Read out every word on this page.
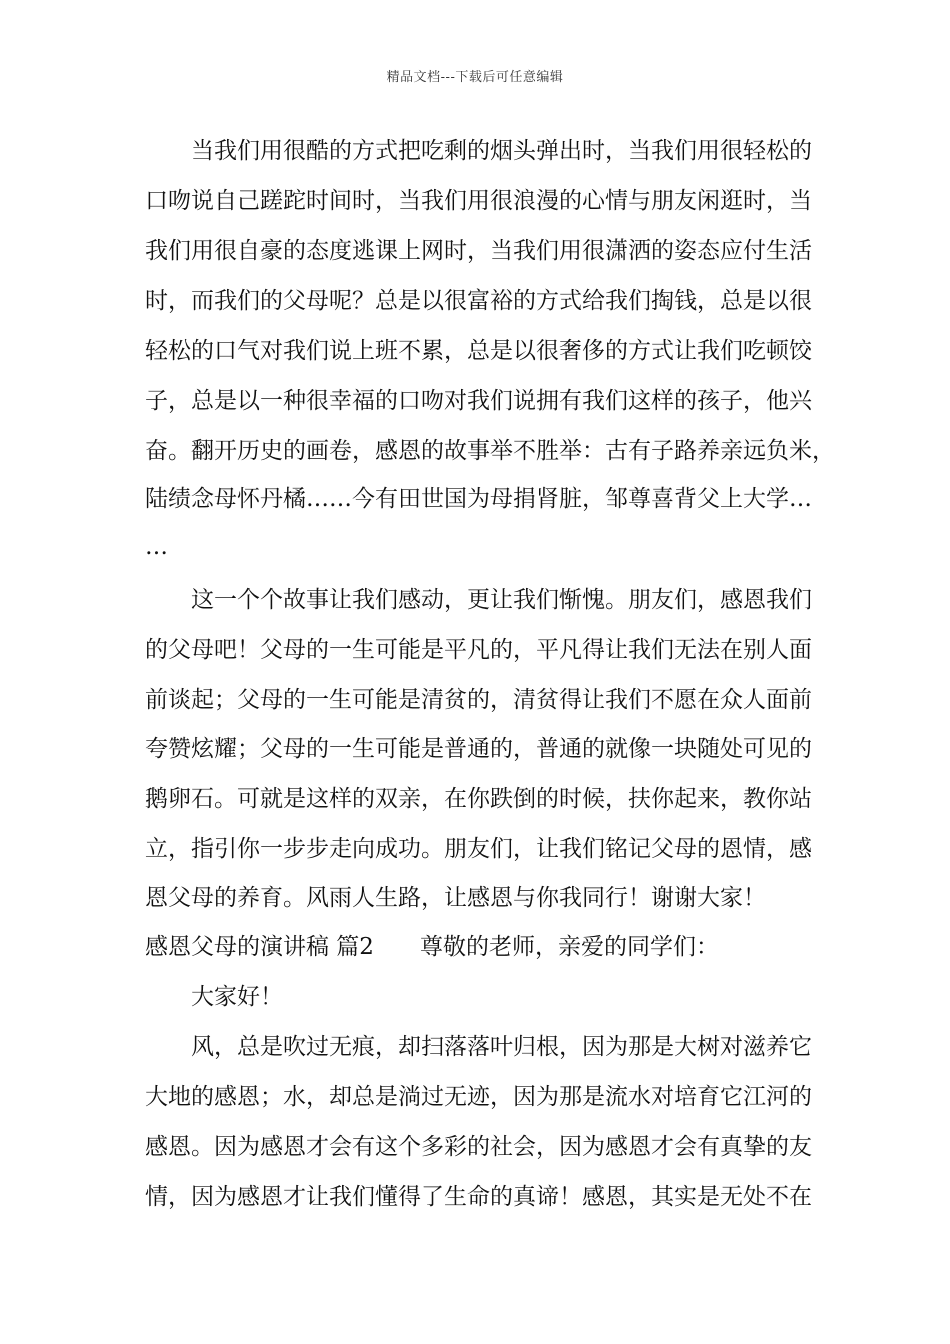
精品文档---下载后可任意编辑
　　当我们用很酷的方式把吃剩的烟头弹出时，当我们用很轻松的
口吻说自己蹉跎时间时，当我们用很浪漫的心情与朋友闲逛时，当
我们用很自豪的态度逃课上网时，当我们用很潇洒的姿态应付生活
时，而我们的父母呢？总是以很富裕的方式给我们掏钱，总是以很
轻松的口气对我们说上班不累，总是以很奢侈的方式让我们吃顿饺
子，总是以一种很幸福的口吻对我们说拥有我们这样的孩子，他兴
奋。翻开历史的画卷，感恩的故事举不胜举：古有子路养亲远负米，
陆绩念母怀丹橘……今有田世国为母捐肾脏，邹尊喜背父上大学…
…
　　这一个个故事让我们感动，更让我们惭愧。朋友们，感恩我们
的父母吧！父母的一生可能是平凡的，平凡得让我们无法在别人面
前谈起；父母的一生可能是清贫的，清贫得让我们不愿在众人面前
夸赞炫耀；父母的一生可能是普通的，普通的就像一块随处可见的
鹅卵石。可就是这样的双亲，在你跌倒的时候，扶你起来，教你站
立，指引你一步步走向成功。朋友们，让我们铭记父母的恩情，感
恩父母的养育。风雨人生路，让感恩与你我同行！谢谢大家！
感恩父母的演讲稿 篇2　　尊敬的老师，亲爱的同学们：
　　大家好！
　　风，总是吹过无痕，却扫落落叶归根，因为那是大树对滋养它
大地的感恩；水，却总是淌过无迹，因为那是流水对培育它江河的
感恩。因为感恩才会有这个多彩的社会，因为感恩才会有真挚的友
情，因为感恩才让我们懂得了生命的真谛！感恩，其实是无处不在
